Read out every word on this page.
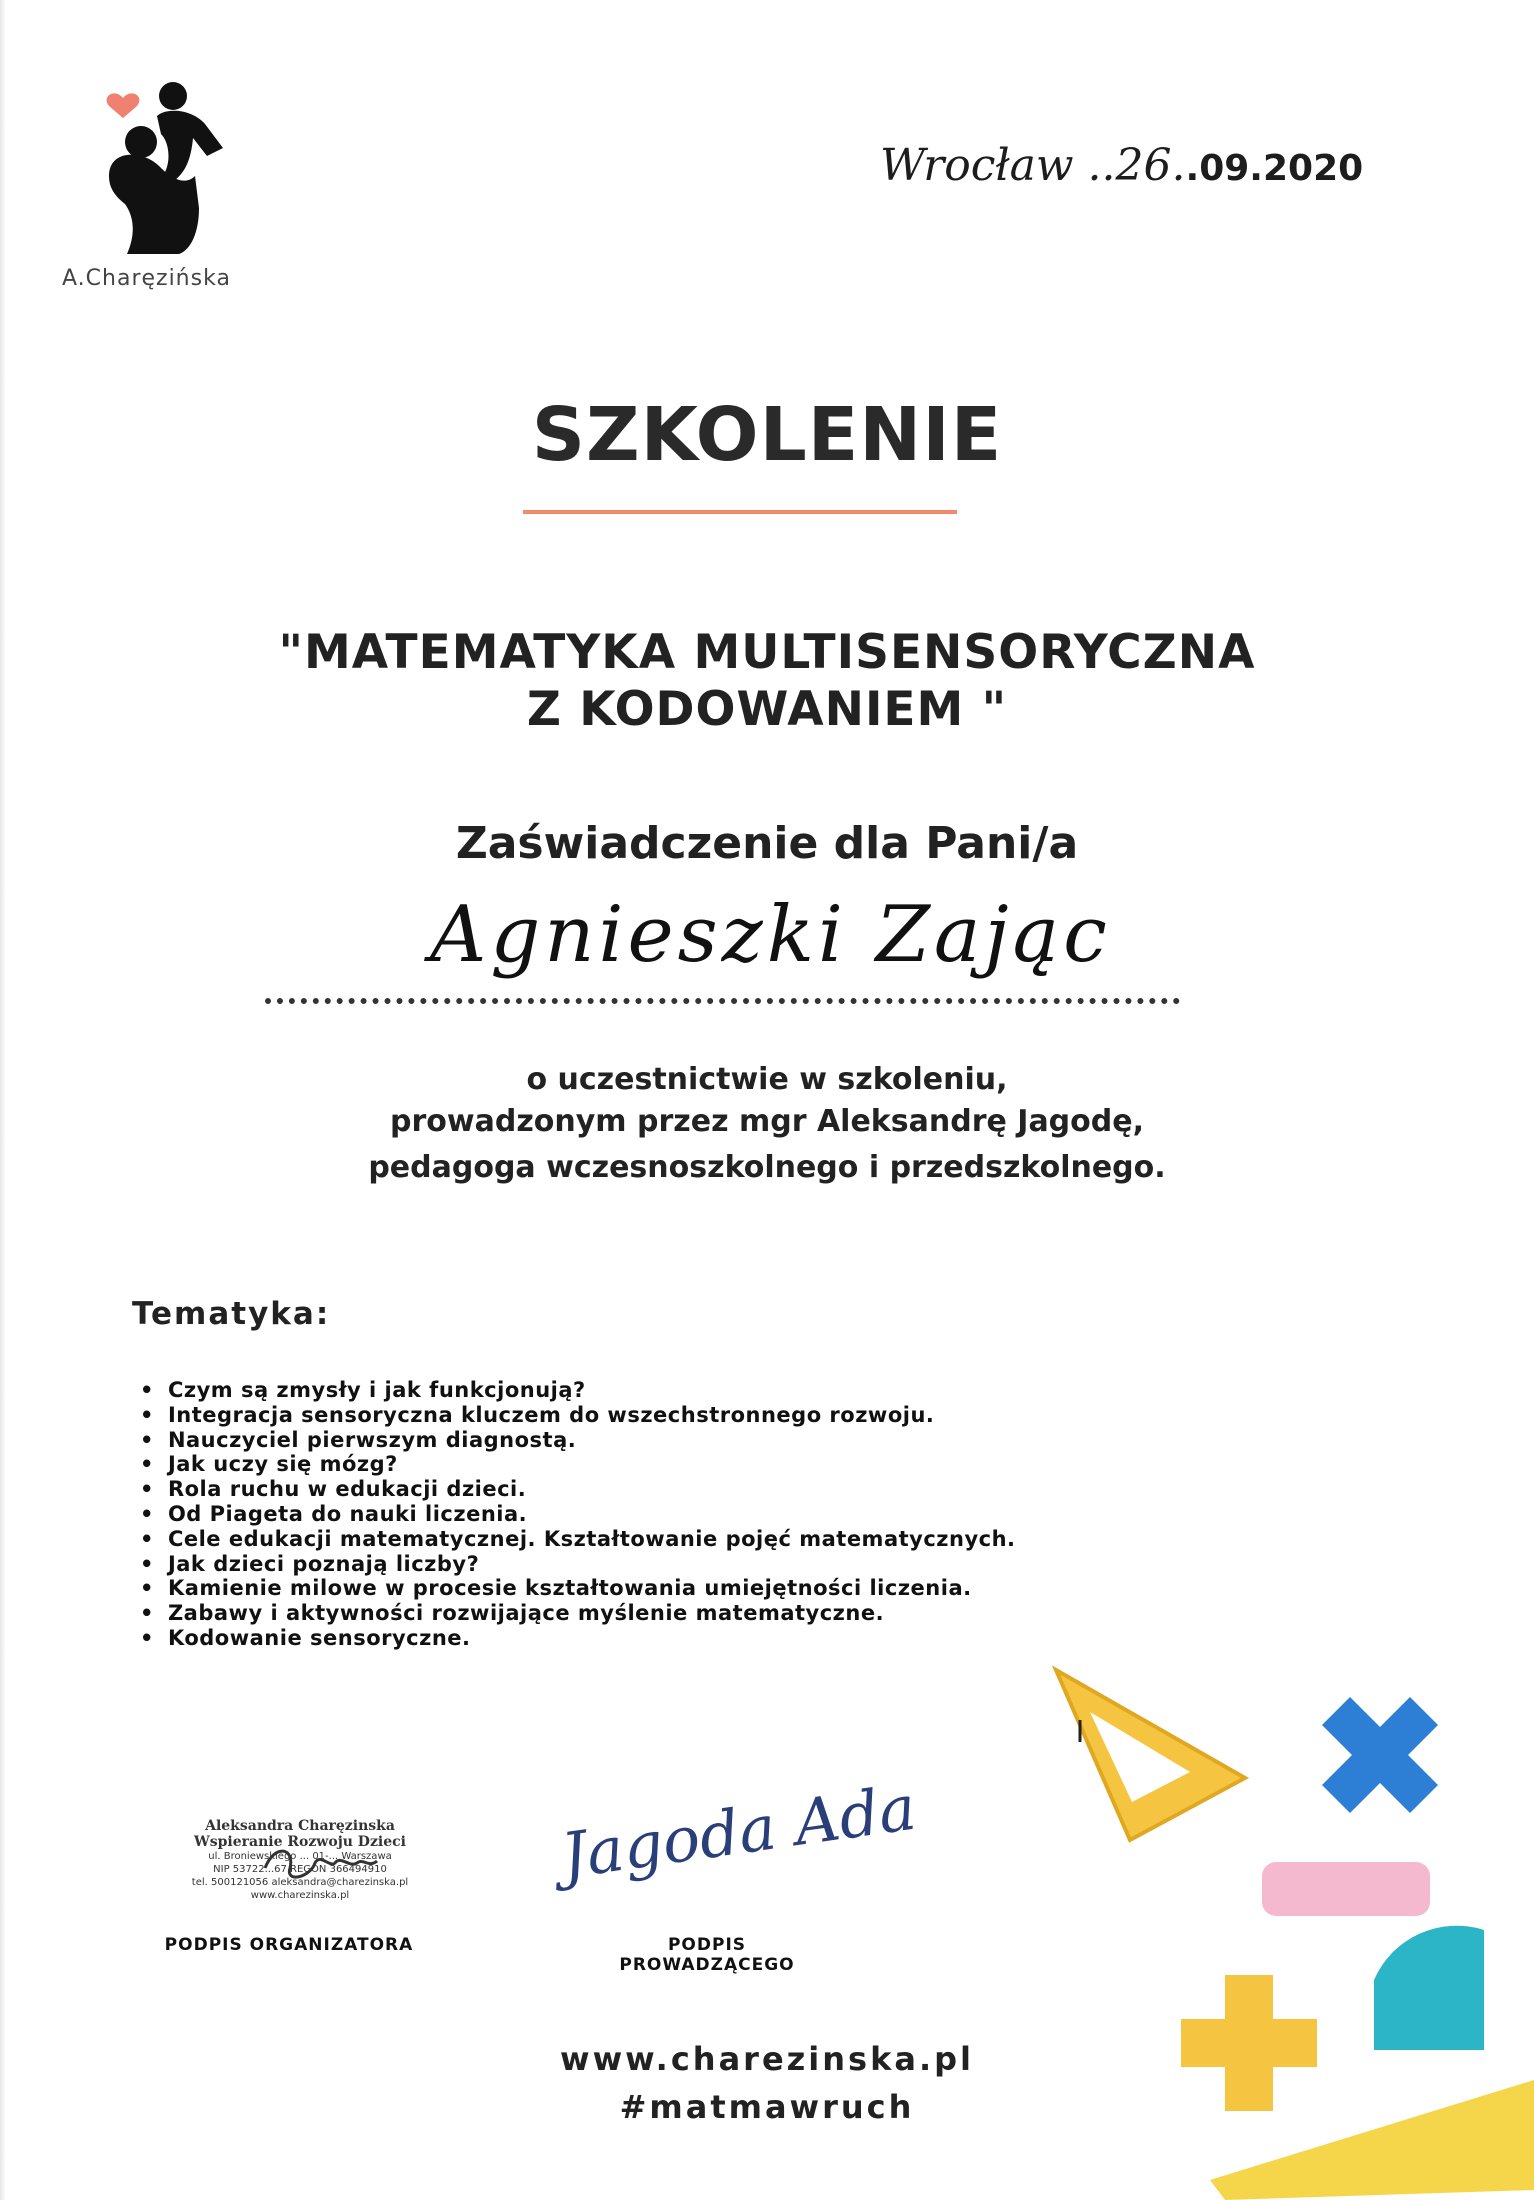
A.Charęzińska
Wrocław ..26..09.2020
SZKOLENIE
"MATEMATYKA MULTISENSORYCZNA
Z KODOWANIEM "
Zaświadczenie dla Pani/a
Agnieszki Zając
o uczestnictwie w szkoleniu,
prowadzonym przez mgr Aleksandrę Jagodę,
pedagoga wczesnoszkolnego i przedszkolnego.
Tematyka:
• Czym są zmysły i jak funkcjonują?
• Integracja sensoryczna kluczem do wszechstronnego rozwoju.
• Nauczyciel pierwszym diagnostą.
• Jak uczy się mózg?
• Rola ruchu w edukacji dzieci.
• Od Piageta do nauki liczenia.
• Cele edukacji matematycznej. Kształtowanie pojęć matematycznych.
• Jak dzieci poznają liczby?
• Kamienie milowe w procesie kształtowania umiejętności liczenia.
• Zabawy i aktywności rozwijające myślenie matematyczne.
• Kodowanie sensoryczne.
Aleksandra Charęzinska
Wspieranie Rozwoju Dzieci
ul. Broniewskiego ... 01-... Warszawa
NIP 53722...67 REGON 366494910
tel. 500121056 aleksandra@charezinska.pl
www.charezinska.pl
Jagoda Ada
PODPIS ORGANIZATORA	PODPIS PROWADZĄCEGO
www.charezinska.pl
#matmawruch
